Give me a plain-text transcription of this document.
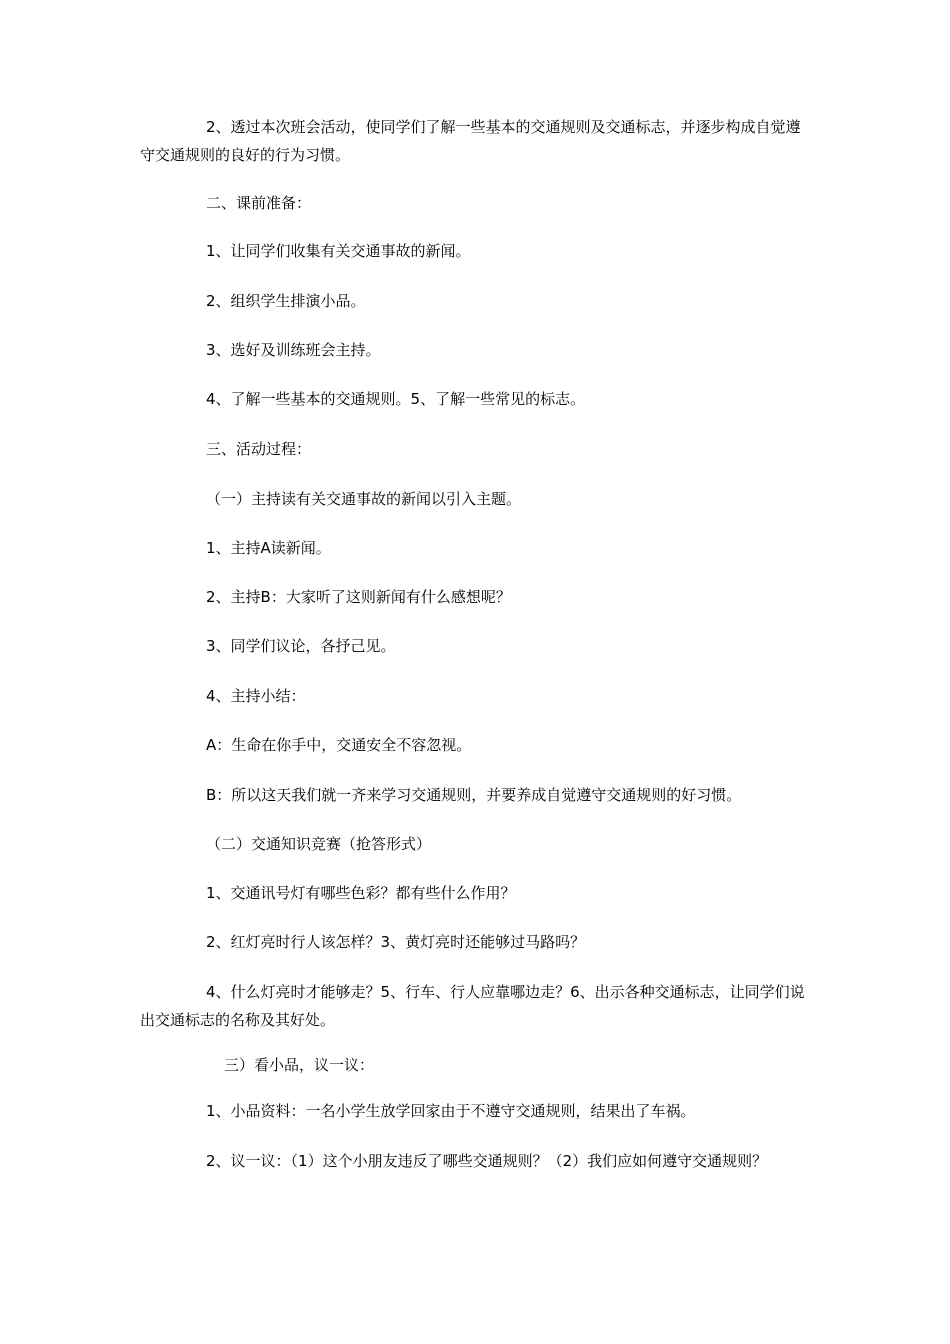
2、透过本次班会活动，使同学们了解一些基本的交通规则及交通标志，并逐步构成自觉遵守交通规则的良好的行为习惯。

二、课前准备：

1、让同学们收集有关交通事故的新闻。

2、组织学生排演小品。

3、选好及训练班会主持。

4、了解一些基本的交通规则。5、了解一些常见的标志。

三、活动过程：

（一）主持读有关交通事故的新闻以引入主题。

1、主持A读新闻。

2、主持B：大家听了这则新闻有什么感想呢？

3、同学们议论，各抒己见。

4、主持小结：

A：生命在你手中，交通安全不容忽视。

B：所以这天我们就一齐来学习交通规则，并要养成自觉遵守交通规则的好习惯。

（二）交通知识竞赛（抢答形式）

1、交通讯号灯有哪些色彩？都有些什么作用？

2、红灯亮时行人该怎样？3、黄灯亮时还能够过马路吗？

4、什么灯亮时才能够走？5、行车、行人应靠哪边走？6、出示各种交通标志，让同学们说出交通标志的名称及其好处。

三）看小品，议一议：

1、小品资料：一名小学生放学回家由于不遵守交通规则，结果出了车祸。

2、议一议：（1）这个小朋友违反了哪些交通规则？（2）我们应如何遵守交通规则？
